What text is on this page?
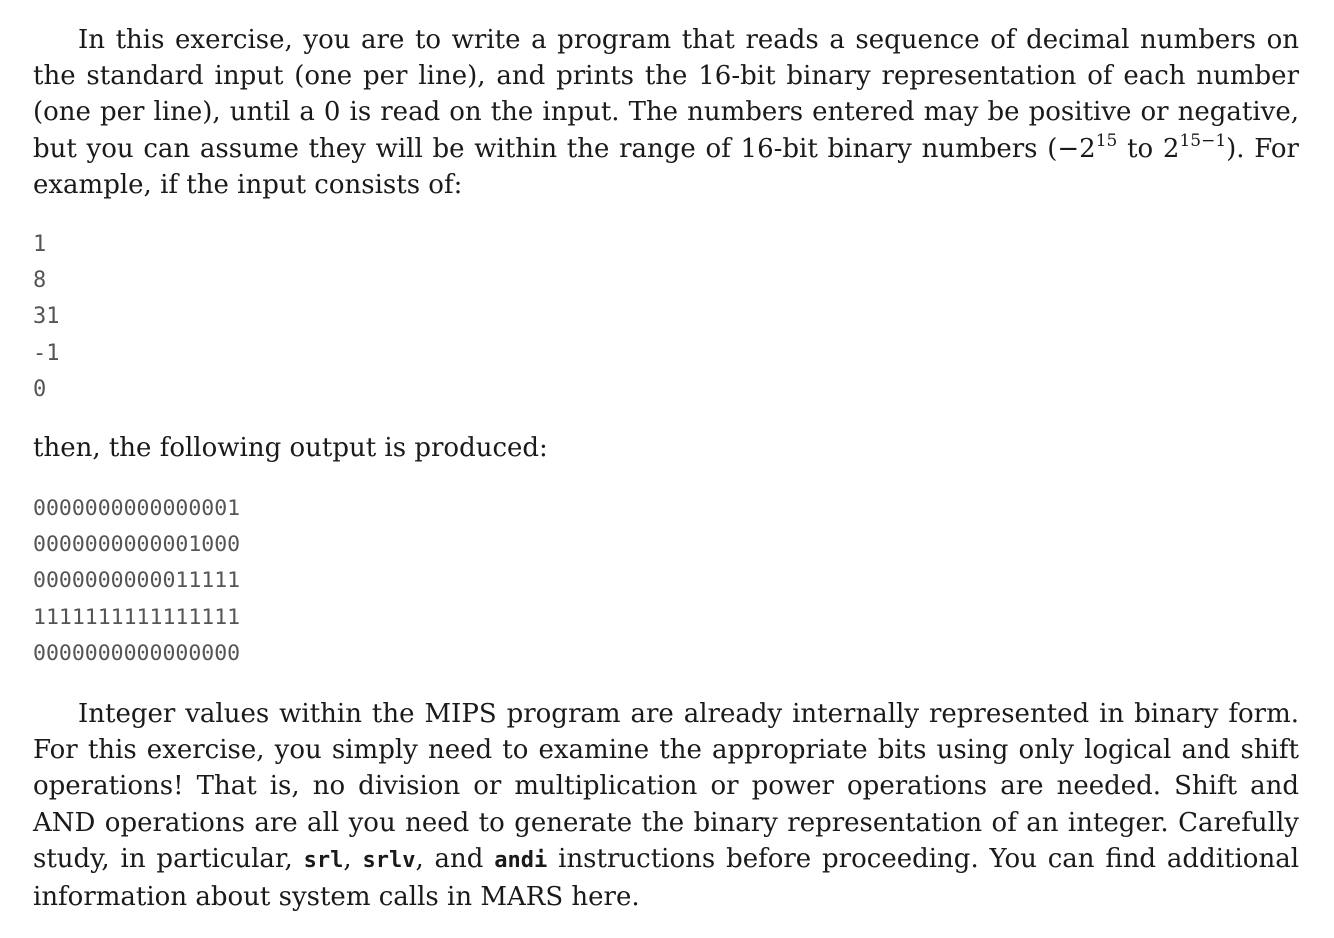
In this exercise, you are to write a program that reads a sequence of decimal numbers on the standard input (one per line), and prints the 16-bit binary representation of each number (one per line), until a 0 is read on the input. The numbers entered may be positive or negative, but you can assume they will be within the range of 16-bit binary numbers ($-2^{15}$ to $2^{15-1}$). For example, if the input consists of:

1
8
31
-1
0

then, the following output is produced:

0000000000000001
0000000000001000
0000000000011111
1111111111111111
0000000000000000

Integer values within the MIPS program are already internally represented in binary form. For this exercise, you simply need to examine the appropriate bits using only logical and shift operations! That is, no division or multiplication or power operations are needed. Shift and AND operations are all you need to generate the binary representation of an integer. Carefully study, in particular, srl, srlv, and andi instructions before proceeding. You can find additional information about system calls in MARS here.
